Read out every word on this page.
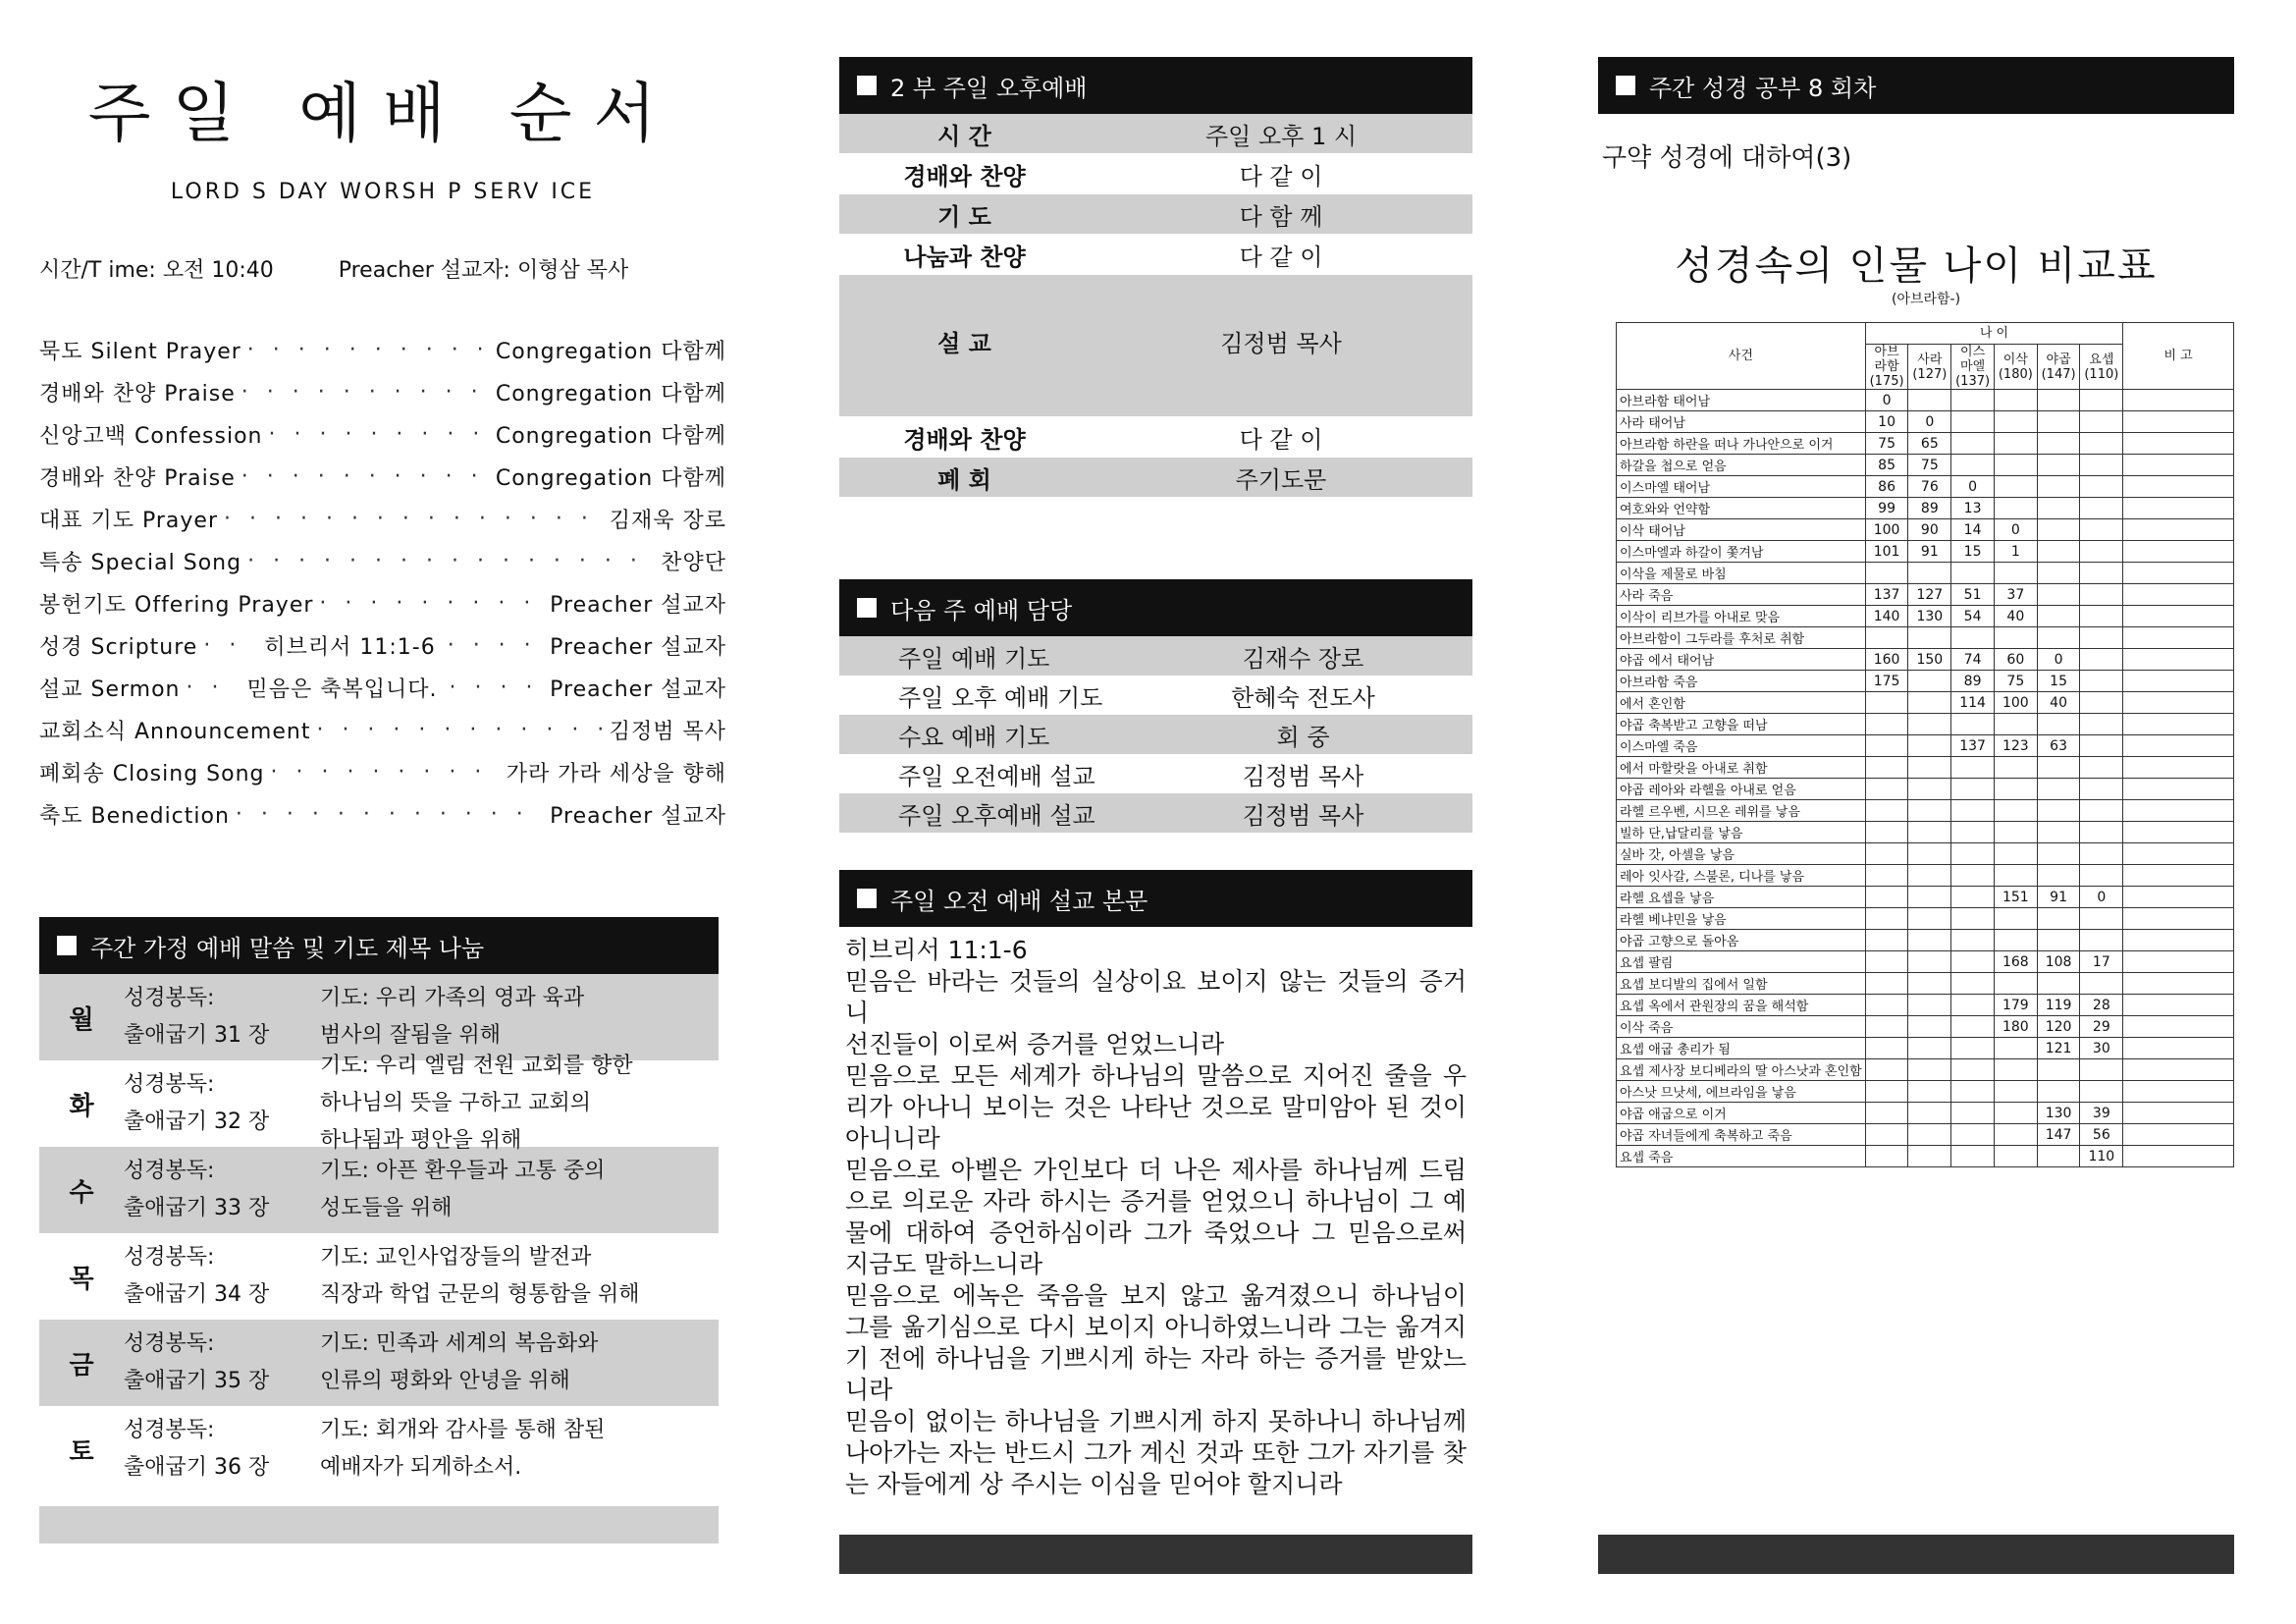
주일 예배 순서
LORD S DAY WORSH P SERV ICE
시간/T ime: 오전 10:40	Preacher 설교자: 이형삼 목사
묵도 Silent Prayer · · ·	Congregation 다함께
경배와 찬양 Praise · · ·	Congregation 다함께
신앙고백 Confession · · ·	Congregation 다함께
경배와 찬양 Praise · · ·	Congregation 다함께
대표 기도 Prayer · · ·	김재욱 장로
특송 Special Song · · ·	찬양단
봉헌기도 Offering Prayer · · ·	Preacher 설교자
성경 Scripture · · ·	히브리서 11:1-6 · · ·	Preacher 설교자
설교 Sermon · · ·	믿음은 축복입니다. · · ·	Preacher 설교자
교회소식 Announcement · · ·	김정범 목사
폐회송 Closing Song · · ·	가라 가라 세상을 향해
축도 Benediction · · ·	Preacher 설교자
주간 가정 예배 말씀 및 기도 제목 나눔
월
성경봉독:
출애굽기 31 장
기도: 우리 가족의 영과 육과
범사의 잘됨을 위해
화
성경봉독:
출애굽기 32 장
기도: 우리 엘림 전원 교회를 향한
하나님의 뜻을 구하고 교회의
하나됨과 평안을 위해
수
성경봉독:
출애굽기 33 장
기도: 아픈 환우들과 고통 중의
성도들을 위해
목
성경봉독:
출애굽기 34 장
기도: 교인사업장들의 발전과
직장과 학업 군문의 형통함을 위해
금
성경봉독:
출애굽기 35 장
기도: 민족과 세계의 복음화와
인류의 평화와 안녕을 위해
토
성경봉독:
출애굽기 36 장
기도: 회개와 감사를 통해 참된
예배자가 되게하소서.
2 부 주일 오후예배
시 간	주일 오후 1 시
경배와 찬양	다 같 이
기 도	다 함 께
나눔과 찬양	다 같 이
설 교	김정범 목사
경배와 찬양	다 같 이
폐 회	주기도문
다음 주 예배 담당
주일 예배 기도	김재수 장로
주일 오후 예배 기도	한혜숙 전도사
수요 예배 기도	회 중
주일 오전예배 설교	김정범 목사
주일 오후예배 설교	김정범 목사
주일 오전 예배 설교 본문
히브리서 11:1-6
믿음은 바라는 것들의 실상이요 보이지 않는 것들의 증거니
선진들이 이로써 증거를 얻었느니라
믿음으로 모든 세계가 하나님의 말씀으로 지어진 줄을 우리가 아나니 보이는 것은 나타난 것으로 말미암아 된 것이 아니니라
믿음으로 아벨은 가인보다 더 나은 제사를 하나님께 드림으로 의로운 자라 하시는 증거를 얻었으니 하나님이 그 예물에 대하여 증언하심이라 그가 죽었으나 그 믿음으로써 지금도 말하느니라
믿음으로 에녹은 죽음을 보지 않고 옮겨졌으니 하나님이 그를 옮기심으로 다시 보이지 아니하였느니라 그는 옮겨지기 전에 하나님을 기쁘시게 하는 자라 하는 증거를 받았느니라
믿음이 없이는 하나님을 기쁘시게 하지 못하나니 하나님께 나아가는 자는 반드시 그가 계신 것과 또한 그가 자기를 찾는 자들에게 상 주시는 이심을 믿어야 할지니라
주간 성경 공부 8 회차
구약 성경에 대하여(3)
성경속의 인물 나이 비교표
(아브라함-)
사건	나 이						비 고
	아브라함 (175)	사라 (127)	이스마엘 (137)	이삭 (180)	야곱 (147)	요셉 (110)	
아브라함 태어남	0						
사라 태어남	10	0					
아브라함 하란을 떠나 가나안으로 이거	75	65					
하갈을 첩으로 얻음	85	75					
이스마엘 태어남	86	76	0				
여호와와 언약함	99	89	13				
이삭 태어남	100	90	14	0			
이스마엘과 하갈이 쫓겨남	101	91	15	1			
이삭을 제물로 바침							
사라 죽음	137	127	51	37			
이삭이 리브가를 아내로 맞음	140	130	54	40			
아브라함이 그두라를 후처로 취함							
야곱 에서 태어남	160	150	74	60	0		
아브라함 죽음	175		89	75	15		
에서 혼인함			114	100	40		
야곱 축복받고 고향을 떠남							
이스마엘 죽음			137	123	63		
에서 마할랏을 아내로 취함							
야곱 레아와 라헬을 아내로 얻음							
라헬 르우벤, 시므온 레위를 낳음							
빌하 단,납달리를 낳음							
실바 갓, 아셀을 낳음							
레아 잇사갈, 스불론, 디나를 낳음							
라헬 요셉을 낳음				151	91	0	
라헬 베냐민을 낳음							
야곱 고향으로 돌아옴							
요셉 팔림				168	108	17	
요셉 보디발의 집에서 일함							
요셉 옥에서 관원장의 꿈을 해석함				179	119	28	
이삭 죽음				180	120	29	
요셉 애굽 총리가 됨					121	30	
요셉 제사장 보디베라의 딸 아스낫과 혼인함							
아스낫 므낫세, 에브라임을 낳음							
야곱 애굽으로 이거					130	39	
야곱 자녀들에게 축복하고 죽음					147	56	
요셉 죽음						110	
